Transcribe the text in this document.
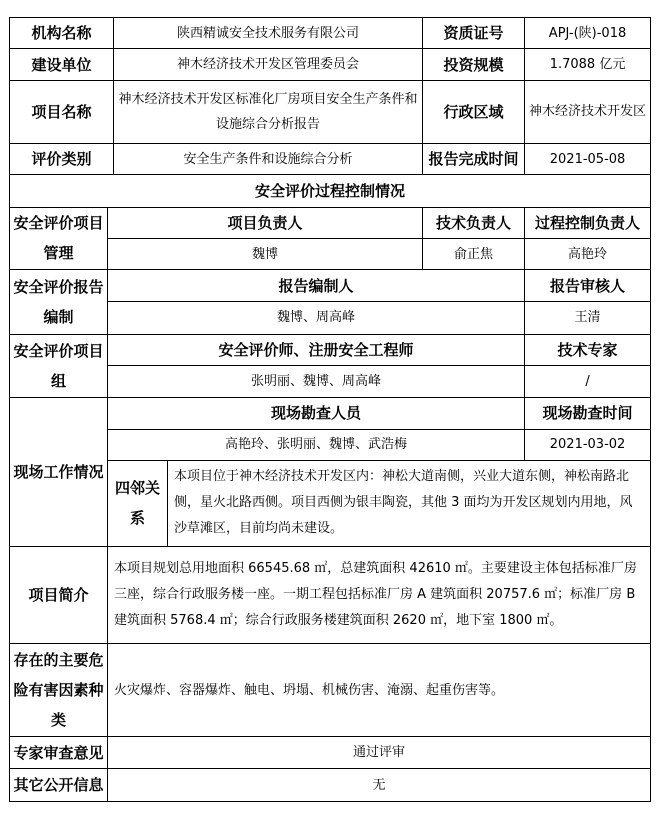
机构名称		陕西精诚安全技术服务有限公司		资质证号	APJ-(陕)-018
建设单位		神木经济技术开发区管理委员会		投资规模	1.7088 亿元
项目名称		神木经济技术开发区标准化厂房项目安全生产条件和设施综合分析报告		行政区域	神木经济技术开发区
评价类别		安全生产条件和设施综合分析		报告完成时间	2021-05-08
安全评价过程控制情况					
安全评价项目管理	项目负责人			技术负责人	过程控制负责人
	魏博			俞正焦	高艳玲
安全评价报告编制	报告编制人				报告审核人
	魏博、周高峰				王清
安全评价项目组	安全评价师、注册安全工程师				技术专家
	张明丽、魏博、周高峰				/
现场工作情况	现场勘查人员				现场勘查时间
	高艳玲、张明丽、魏博、武浩梅				2021-03-02
	四邻关系		本项目位于神木经济技术开发区内：神松大道南侧，兴业大道东侧，神松南路北侧，星火北路西侧。项目西侧为银丰陶瓷，其他 3 面均为开发区规划内用地，风沙草滩区，目前均尚未建设。		
项目简介	本项目规划总用地面积 66545.68 ㎡，总建筑面积 42610 ㎡。主要建设主体包括标准厂房三座，综合行政服务楼一座。一期工程包括标准厂房 A 建筑面积 20757.6 ㎡；标准厂房 B 建筑面积 5768.4 ㎡；综合行政服务楼建筑面积 2620 ㎡，地下室 1800 ㎡。				
存在的主要危险有害因素种类	火灾爆炸、容器爆炸、触电、坍塌、机械伤害、淹溺、起重伤害等。				
专家审查意见	通过评审				
其它公开信息	无				
